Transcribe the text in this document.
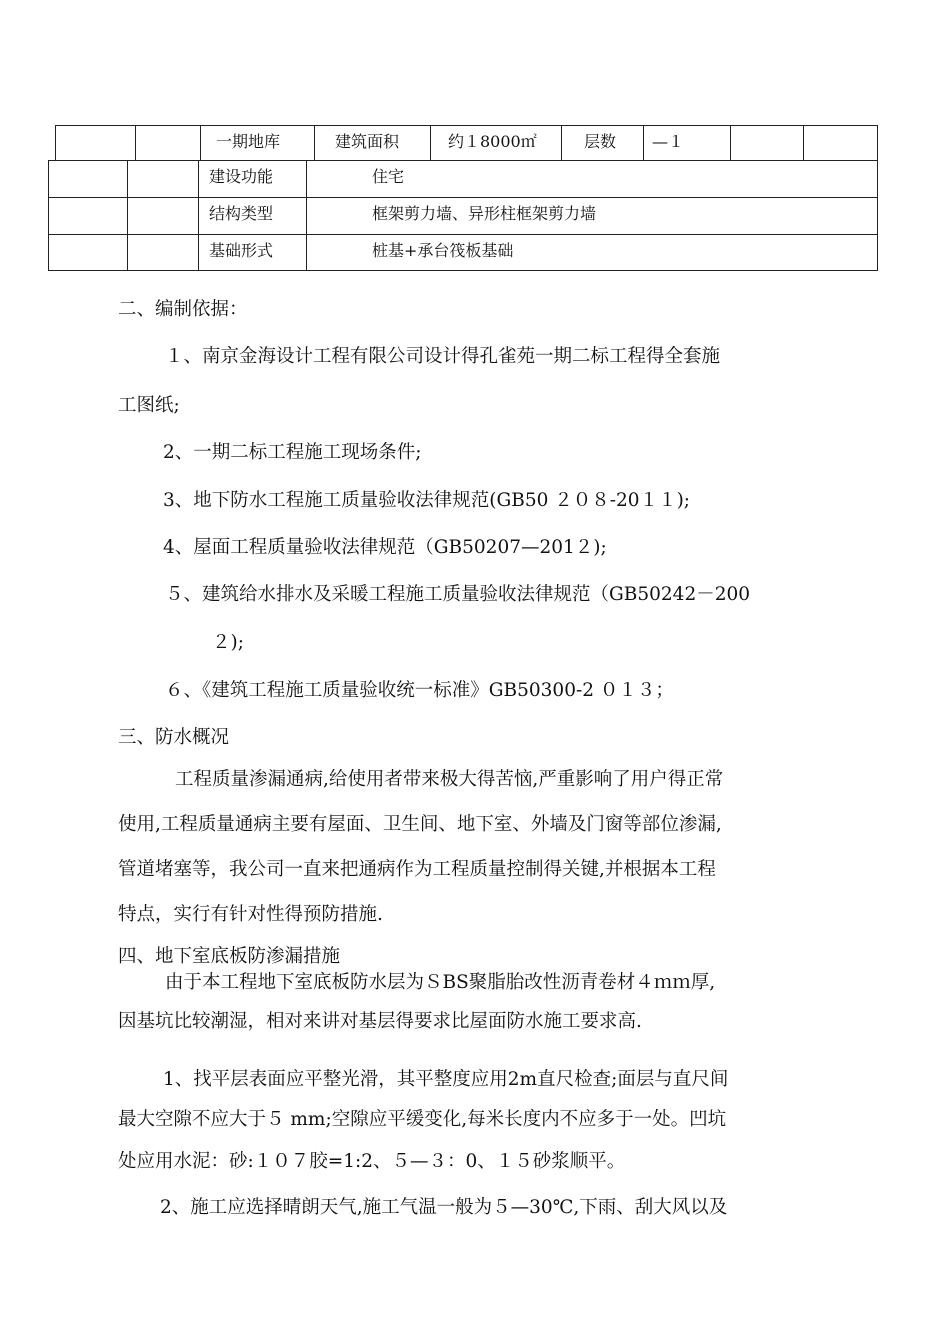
一期地库	建筑面积	约１8000㎡	层数	—１
建设功能	住宅
结构类型	框架剪力墙、异形柱框架剪力墙
基础形式	桩基+承台筏板基础
二、编制依据：
１、南京金海设计工程有限公司设计得孔雀苑一期二标工程得全套施
工图纸;
2、一期二标工程施工现场条件;
3、地下防水工程施工质量验收法律规范(GB50 ２０８-20１１);
4、屋面工程质量验收法律规范（GB50207—201２);
５、建筑给水排水及采暖工程施工质量验收法律规范（GB50242－200
２);
６、《建筑工程施工质量验收统一标准》GB50300-2 ０１３；
三、防水概况
工程质量渗漏通病,给使用者带来极大得苦恼,严重影响了用户得正常
使用,工程质量通病主要有屋面、卫生间、地下室、外墙及门窗等部位渗漏,
管道堵塞等，我公司一直来把通病作为工程质量控制得关键,并根据本工程
特点，实行有针对性得预防措施.
四、地下室底板防渗漏措施
由于本工程地下室底板防水层为ＳBS聚脂胎改性沥青卷材４ｍｍ厚,
因基坑比较潮湿，相对来讲对基层得要求比屋面防水施工要求高.
1、找平层表面应平整光滑，其平整度应用2m直尺检查;面层与直尺间
最大空隙不应大于５ mm;空隙应平缓变化,每米长度内不应多于一处。凹坑
处应用水泥：砂:１０７胶=1:2、５—３：0、１５砂浆顺平。
2、施工应选择晴朗天气,施工气温一般为５—30℃,下雨、刮大风以及
